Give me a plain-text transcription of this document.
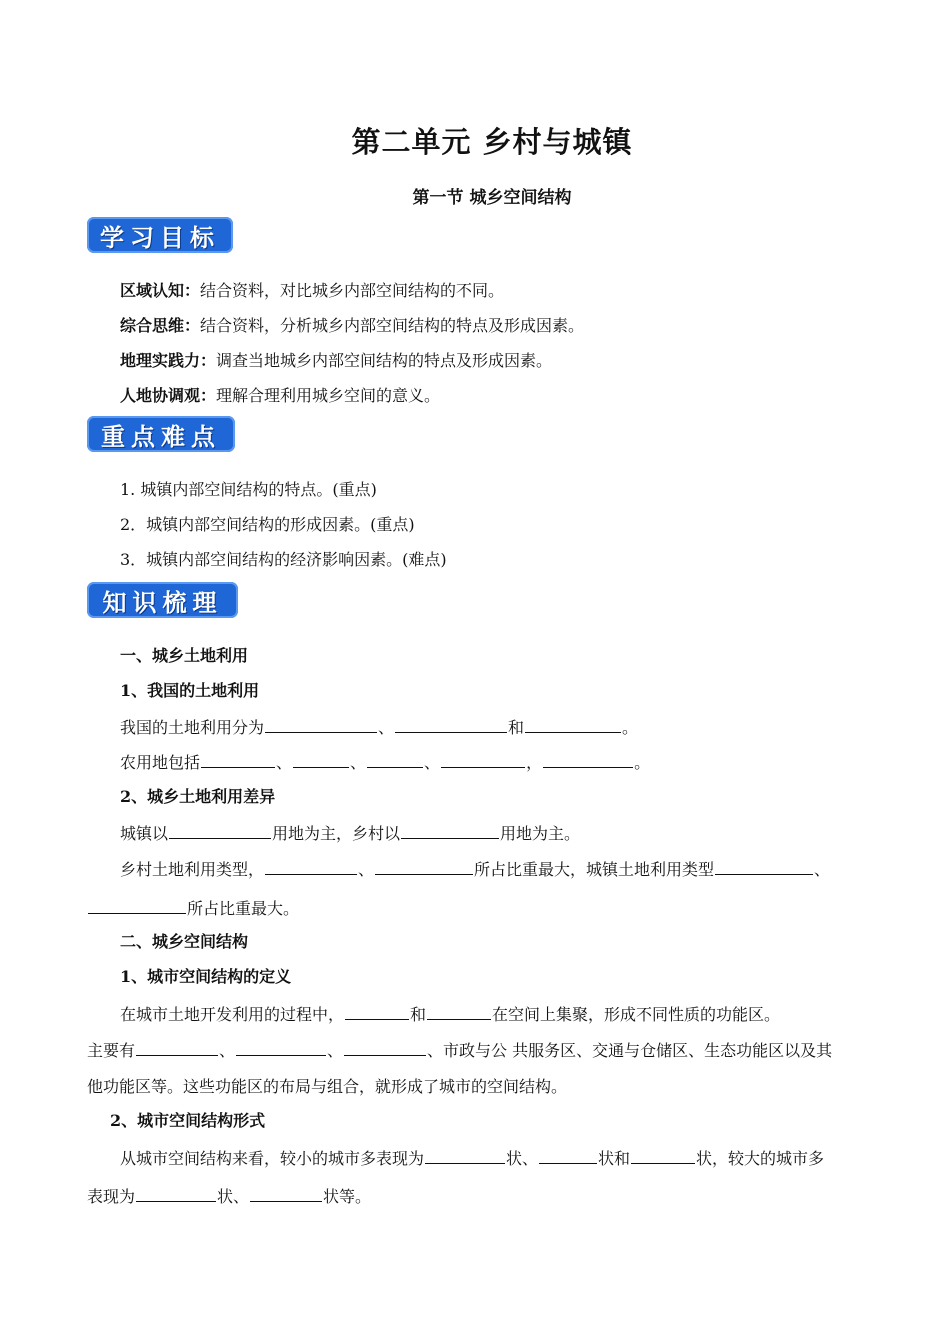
第二单元 乡村与城镇
第一节 城乡空间结构
学习目标
区域认知：结合资料，对比城乡内部空间结构的不同。
综合思维：结合资料，分析城乡内部空间结构的特点及形成因素。
地理实践力：调查当地城乡内部空间结构的特点及形成因素。
人地协调观：理解合理利用城乡空间的意义。
重点难点
1. 城镇内部空间结构的特点。(重点)
2．城镇内部空间结构的形成因素。(重点)
3．城镇内部空间结构的经济影响因素。(难点)
知识梳理
一、城乡土地利用
1、我国的土地利用
我国的土地利用分为	、	和	。
农用地包括	、	、	、	，	。
2、城乡土地利用差异
城镇以	用地为主，乡村以	用地为主。
乡村土地利用类型，	、	所占比重最大，城镇土地利用类型	、
所占比重最大。
二、城乡空间结构
1、城市空间结构的定义
在城市土地开发利用的过程中，	和	在空间上集聚，形成不同性质的功能区。
主要有	、	、	、市政与公 共服务区、交通与仓储区、生态功能区以及其
他功能区等。这些功能区的布局与组合，就形成了城市的空间结构。
2、城市空间结构形式
从城市空间结构来看，较小的城市多表现为	状、	状和	状，较大的城市多
表现为	状、	状等。
